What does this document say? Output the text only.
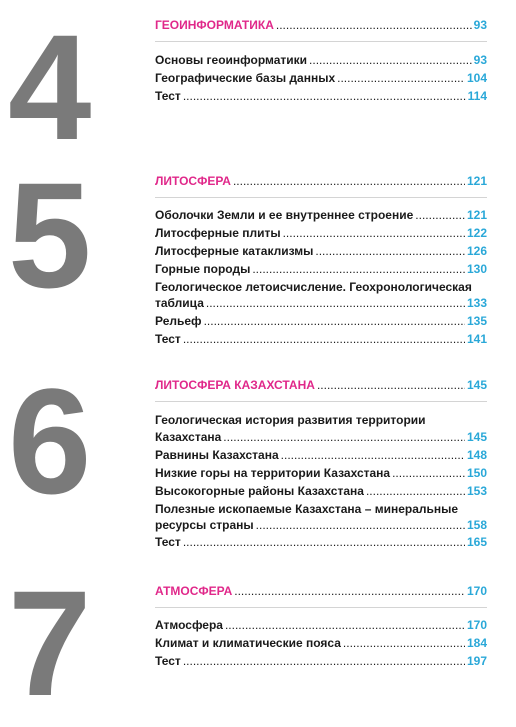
4	ГЕОИНФОРМАТИКА .....	93
Основы геоинформатики .....	93
Географические базы данных .....	104
Тест .....	114
5	ЛИТОСФЕРА .....	121
Оболочки Земли и ее внутреннее строение .....	121
Литосферные плиты .....	122
Литосферные катаклизмы .....	126
Горные породы .....	130
Геологическое летоисчисление. Геохронологическая
таблица .....	133
Рельеф .....	135
Тест .....	141
6	ЛИТОСФЕРА КАЗАХСТАНА .....	145
Геологическая история развития территории
Казахстана .....	145
Равнины Казахстана .....	148
Низкие горы на территории Казахстана .....	150
Высокогорные районы Казахстана .....	153
Полезные ископаемые Казахстана – минеральные
ресурсы страны .....	158
Тест .....	165
7	АТМОСФЕРА .....	170
Атмосфера .....	170
Климат и климатические пояса .....	184
Тест .....	197
